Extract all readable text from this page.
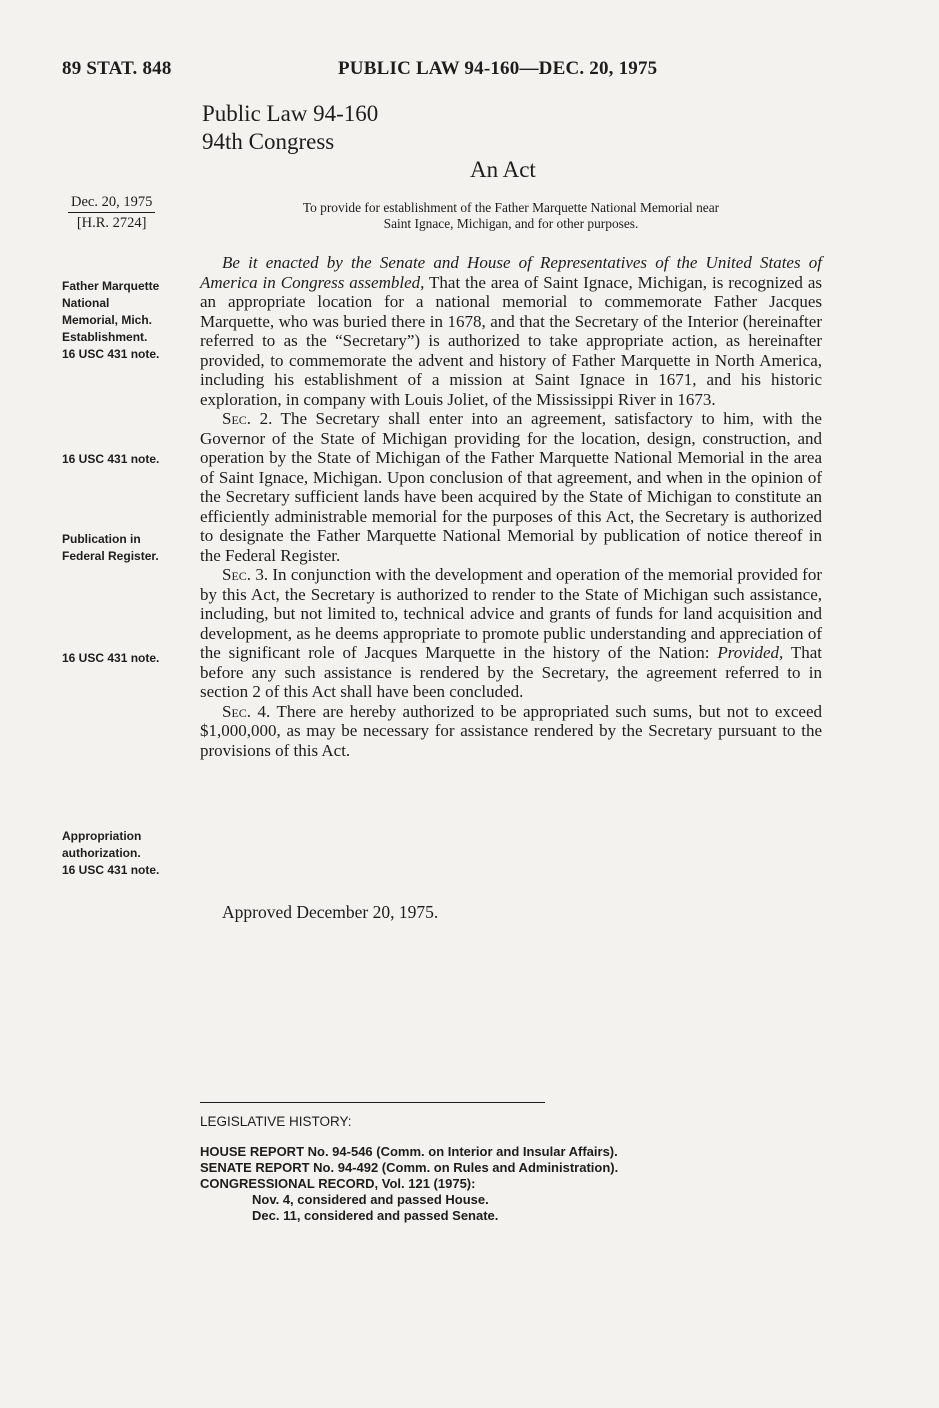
89 STAT. 848	PUBLIC LAW 94-160—DEC. 20, 1975
Public Law 94-160
94th Congress
An Act
Dec. 20, 1975
[H.R. 2724]
To provide for establishment of the Father Marquette National Memorial near
Saint Ignace, Michigan, and for other purposes.
Father Marquette
National
Memorial, Mich.
Establishment.
16 USC 431 note.
16 USC 431 note.
Publication in
Federal Register.
16 USC 431 note.
Appropriation
authorization.
16 USC 431 note.

Be it enacted by the Senate and House of Representatives of the United States of America in Congress assembled, That the area of Saint Ignace, Michigan, is recognized as an appropriate location for a national memorial to commemorate Father Jacques Marquette, who was buried there in 1678, and that the Secretary of the Interior (hereinafter referred to as the “Secretary”) is authorized to take appropriate action, as hereinafter provided, to commemorate the advent and history of Father Marquette in North America, including his establishment of a mission at Saint Ignace in 1671, and his historic exploration, in company with Louis Joliet, of the Mississippi River in 1673.

Sec. 2. The Secretary shall enter into an agreement, satisfactory to him, with the Governor of the State of Michigan providing for the location, design, construction, and operation by the State of Michigan of the Father Marquette National Memorial in the area of Saint Ignace, Michigan. Upon conclusion of that agreement, and when in the opinion of the Secretary sufficient lands have been acquired by the State of Michigan to constitute an efficiently administrable memorial for the purposes of this Act, the Secretary is authorized to designate the Father Marquette National Memorial by publication of notice thereof in the Federal Register.

Sec. 3. In conjunction with the development and operation of the memorial provided for by this Act, the Secretary is authorized to render to the State of Michigan such assistance, including, but not limited to, technical advice and grants of funds for land acquisition and development, as he deems appropriate to promote public understanding and appreciation of the significant role of Jacques Marquette in the history of the Nation: Provided, That before any such assistance is rendered by the Secretary, the agreement referred to in section 2 of this Act shall have been concluded.

Sec. 4. There are hereby authorized to be appropriated such sums, but not to exceed $1,000,000, as may be necessary for assistance rendered by the Secretary pursuant to the provisions of this Act.

Approved December 20, 1975.
LEGISLATIVE HISTORY:
HOUSE REPORT No. 94-546 (Comm. on Interior and Insular Affairs).
SENATE REPORT No. 94-492 (Comm. on Rules and Administration).
CONGRESSIONAL RECORD, Vol. 121 (1975):
Nov. 4, considered and passed House.
Dec. 11, considered and passed Senate.
